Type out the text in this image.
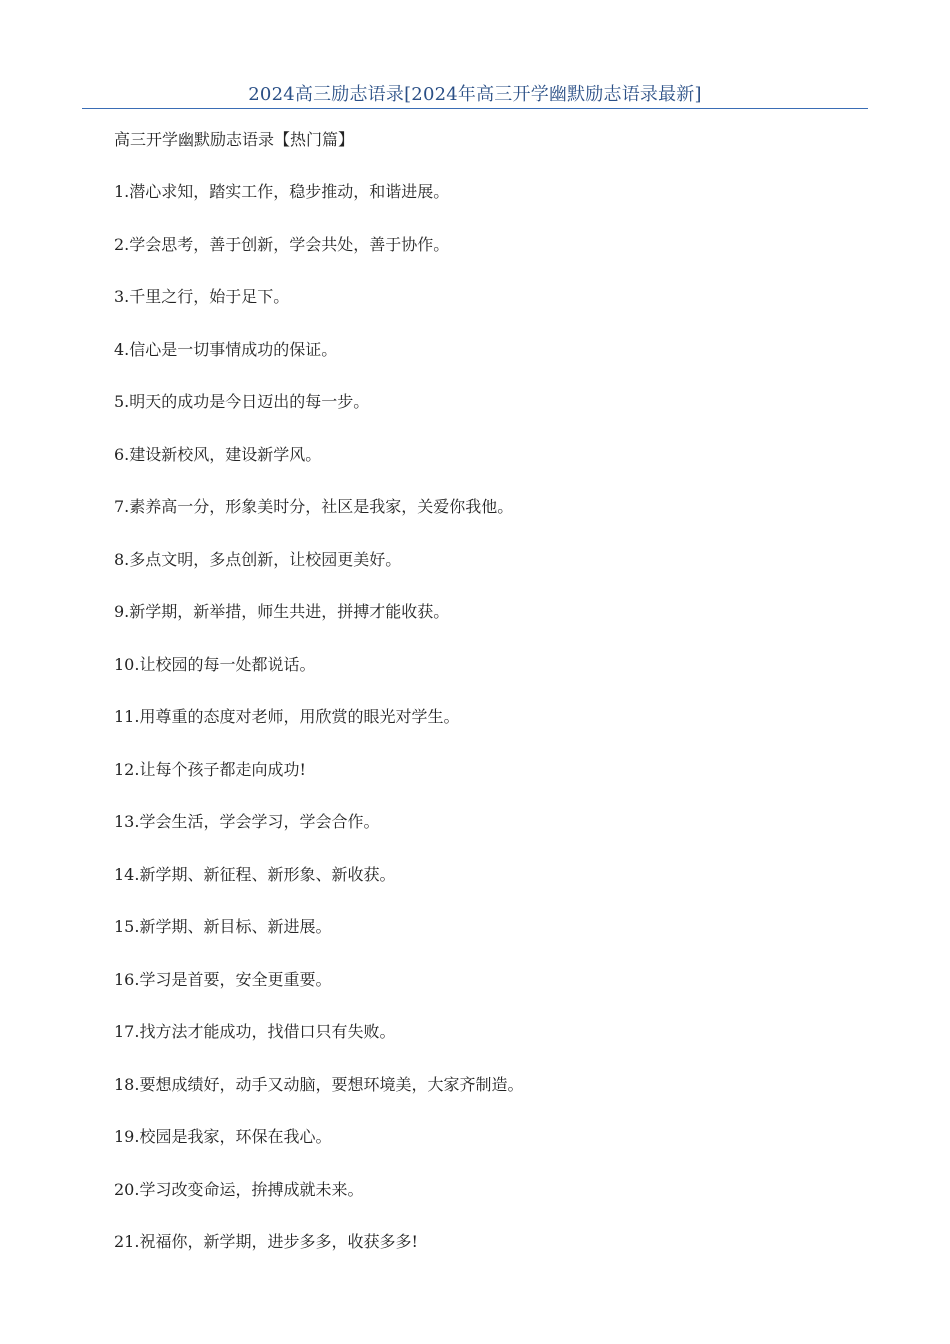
2024高三励志语录[2024年高三开学幽默励志语录最新]
高三开学幽默励志语录【热门篇】
1.潜心求知，踏实工作，稳步推动，和谐进展。
2.学会思考，善于创新，学会共处，善于协作。
3.千里之行，始于足下。
4.信心是一切事情成功的保证。
5.明天的成功是今日迈出的每一步。
6.建设新校风，建设新学风。
7.素养高一分，形象美时分，社区是我家，关爱你我他。
8.多点文明，多点创新，让校园更美好。
9.新学期，新举措，师生共进，拼搏才能收获。
10.让校园的每一处都说话。
11.用尊重的态度对老师，用欣赏的眼光对学生。
12.让每个孩子都走向成功!
13.学会生活，学会学习，学会合作。
14.新学期、新征程、新形象、新收获。
15.新学期、新目标、新进展。
16.学习是首要，安全更重要。
17.找方法才能成功，找借口只有失败。
18.要想成绩好，动手又动脑，要想环境美，大家齐制造。
19.校园是我家，环保在我心。
20.学习改变命运，拚搏成就未来。
21.祝福你，新学期，进步多多，收获多多!
